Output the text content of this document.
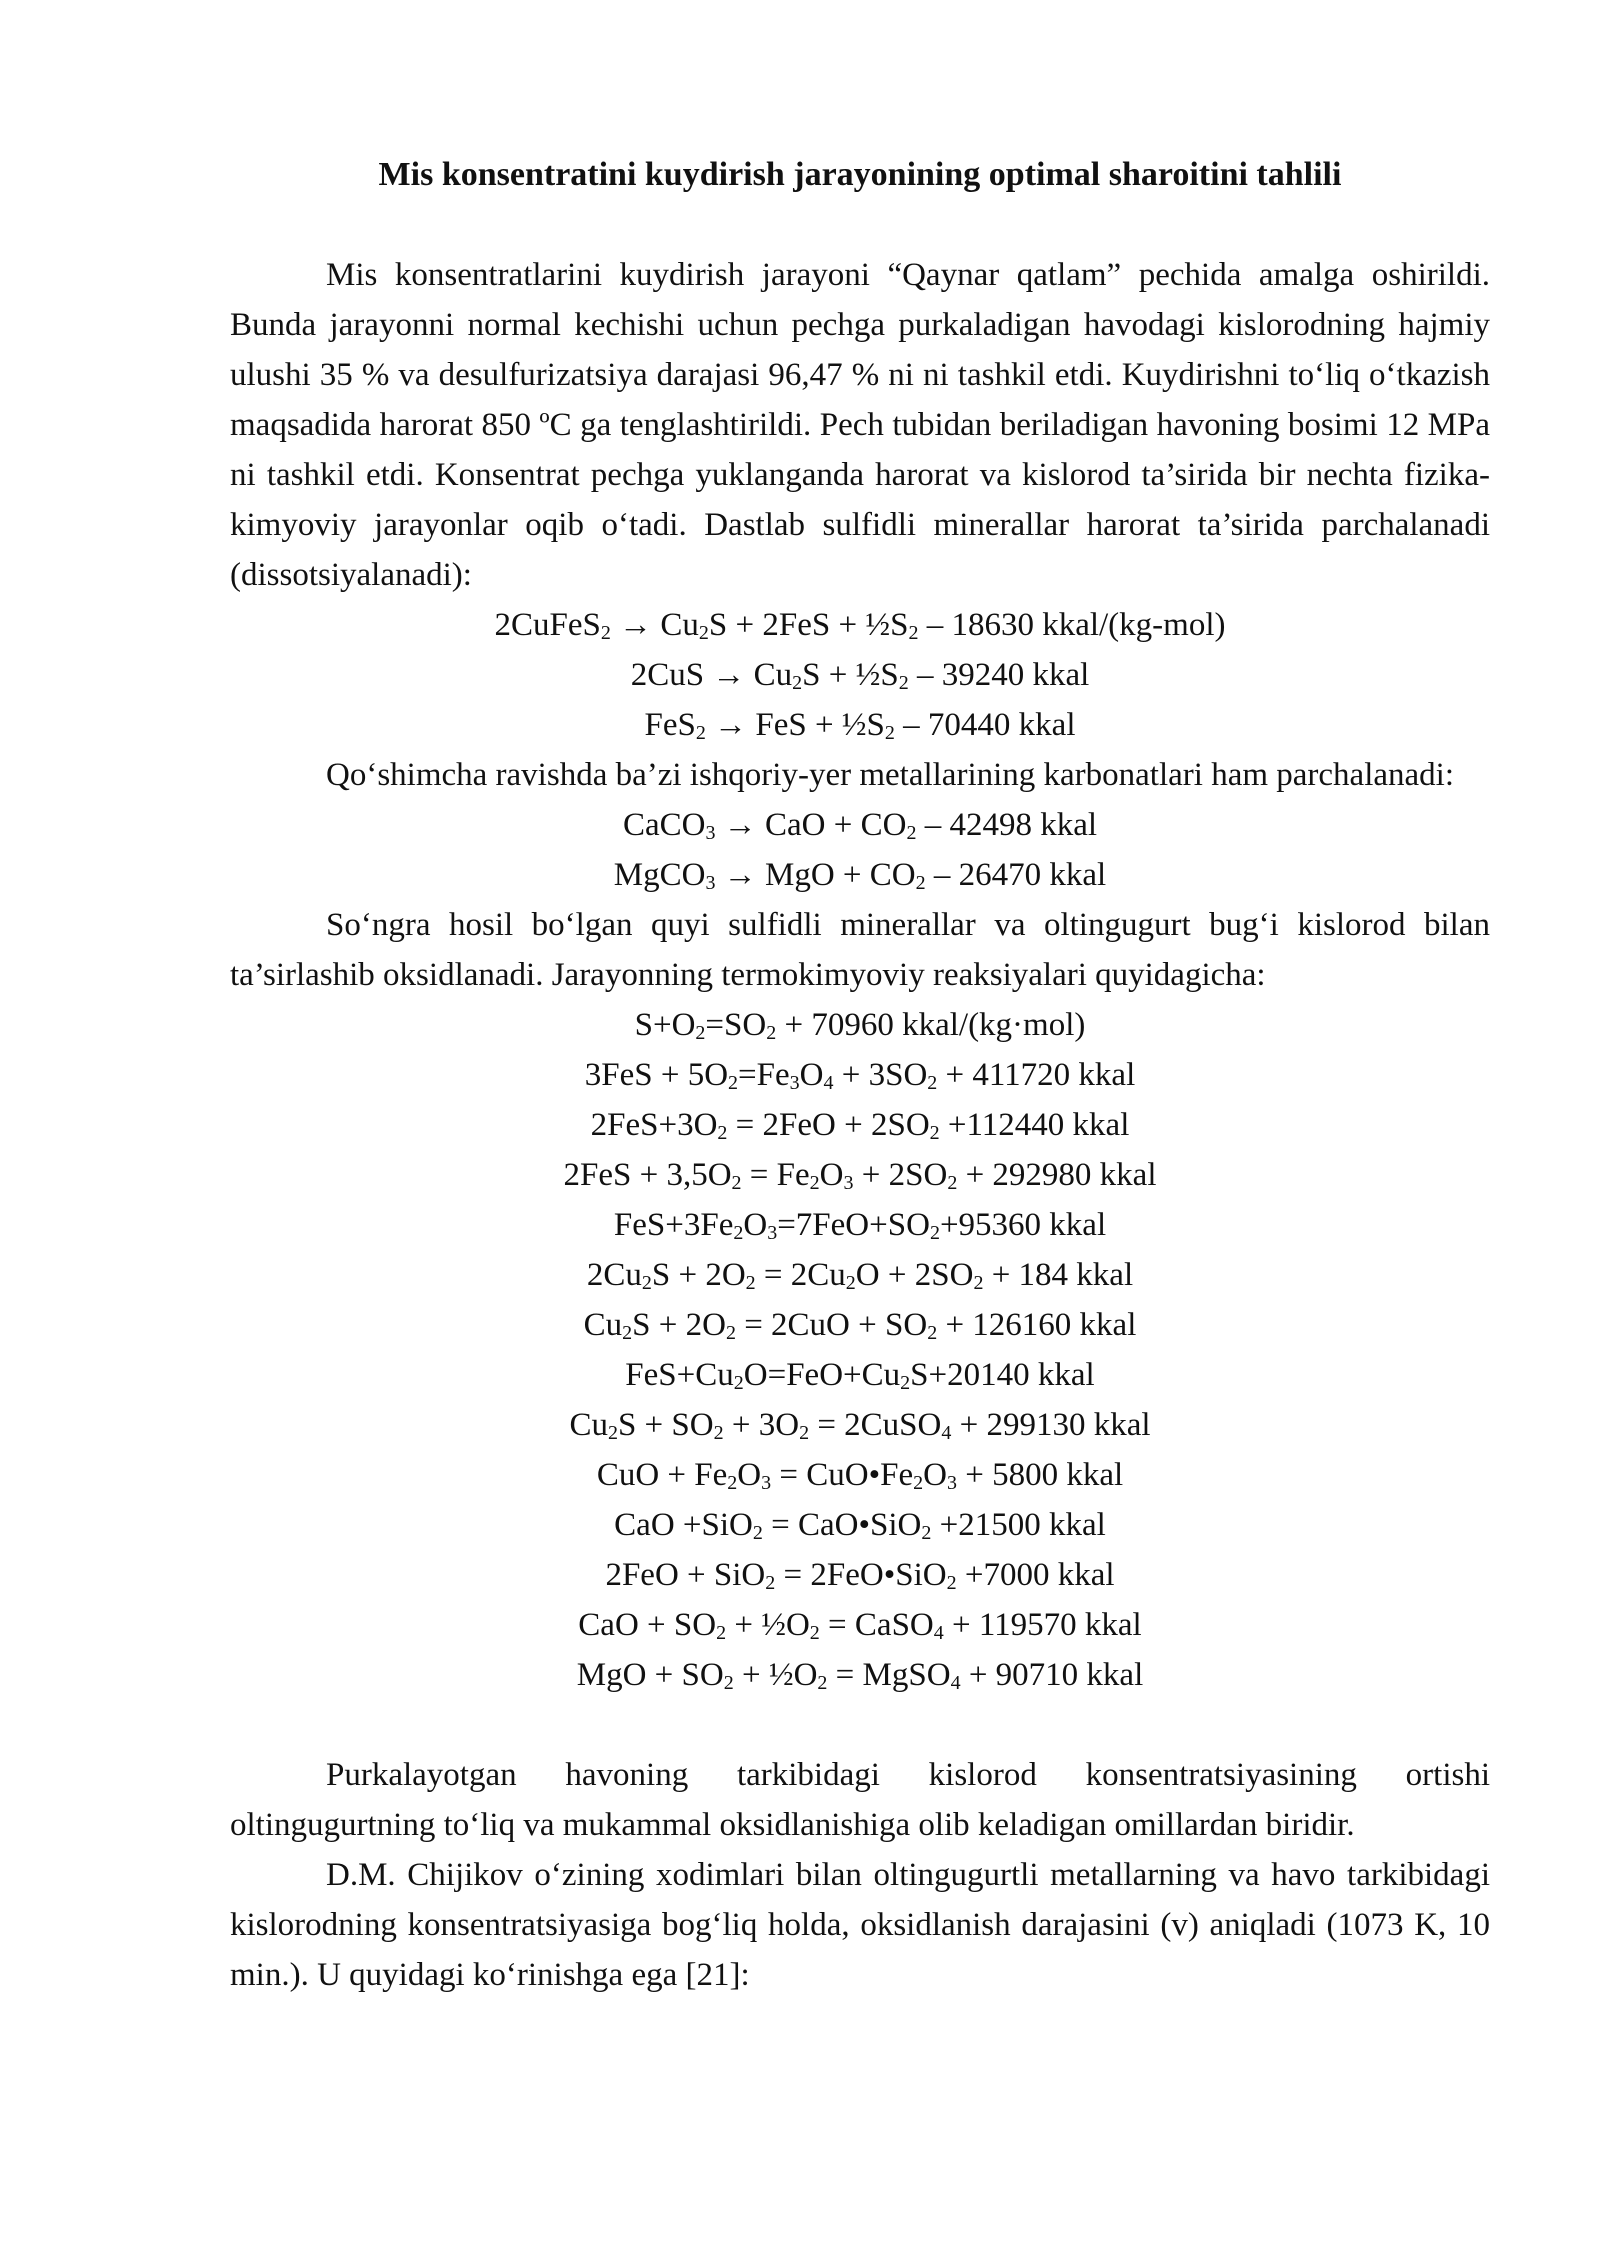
Mis konsentratini kuydirish jarayonining optimal sharoitini tahlili

Mis konsentratlarini kuydirish jarayoni “Qaynar qatlam” pechida amalga oshirildi. Bunda jarayonni normal kechishi uchun pechga purkaladigan havodagi kislorodning hajmiy ulushi 35 % va desulfurizatsiya darajasi 96,47 % ni ni tashkil etdi. Kuydirishni to‘liq o‘tkazish maqsadida harorat 850 ºC ga tenglashtirildi. Pech tubidan beriladigan havoning bosimi 12 MPa ni tashkil etdi. Konsentrat pechga yuklanganda harorat va kislorod ta’sirida bir nechta fizika-kimyoviy jarayonlar oqib o‘tadi. Dastlab sulfidli minerallar harorat ta’sirida parchalanadi (dissotsiyalanadi):

2CuFeS$_2$ → $Cu_2S + 2FeS$ + $\frac{1}{2}S_2 - 18630$ kkal/(kg-mol)

$2CuS \to Cu_2S$ + $\frac{1}{2}S_2 - 39240$ kkal

FeS$_2$ → FeS + $\frac{1}{2}S_2 - 70440$ kkal

Qo‘shimcha ravishda ba’zi ishqoriy-yer metallarining karbonatlari ham parchalanadi:

CaCO$_3$ → CaO + $CO_2 - 42498$ kkal

MgCO$_3$ → MgO + $CO_2 - 26470$ kkal

So‘ngra hosil bo‘lgan quyi sulfidli minerallar va oltingugurt bug‘i kislorod bilan ta’sirlashib oksidlanadi. Jarayonning termokimyoviy reaksiyalari quyidagicha:

$S+O_2=SO_2 + 70960$ kkal/(kg·mol)

$3FeS + 5O_2=Fe_3O_4 + 3SO_2 + 411720$ kkal

$2FeS+3O_2 = 2FeO + 2SO_2 +112440$ kkal

$2FeS + 3,5O_2 = Fe_2O_3 + 2SO_2 + 292980$ kkal

$FeS+3Fe_2O_3=7FeO+SO_2+95360$ kkal

$2Cu_2S + 2O_2 = 2Cu_2O + 2SO_2 + 184$ kkal

$Cu_2S + 2O_2 = 2CuO + SO_2 + 126160$ kkal

$FeS+Cu_2O=FeO+Cu_2S+20140$ kkal

$Cu_2S + SO_2 + 3O_2$ = 2CuSO$_4$ + 299130 kkal

CuO + $Fe_2O_3$ = $CuO•Fe_2O_3 + 5800$ kkal

CaO +SiO$_2$ = CaO•SiO$_2$ +21500 kkal

2FeO + SiO$_2$ = 2FeO•SiO$_2$ +7000 kkal

CaO + $SO_2$ + $\frac{1}{2}O_2$ = CaSO$_4$ + 119570 kkal

MgO + $SO_2$ + $\frac{1}{2}O_2$ = MgSO$_4$ + 90710 kkal

Purkalayotgan havoning tarkibidagi kislorod konsentratsiyasining ortishi oltingugurtning to‘liq va mukammal oksidlanishiga olib keladigan omillardan biridir.

D.M. Chijikov o‘zining xodimlari bilan oltingugurtli metallarning va havo tarkibidagi kislorodning konsentratsiyasiga bog‘liq holda, oksidlanish darajasini (v) aniqladi (1073 K, 10 min.). U quyidagi ko‘rinishga ega [21]:
